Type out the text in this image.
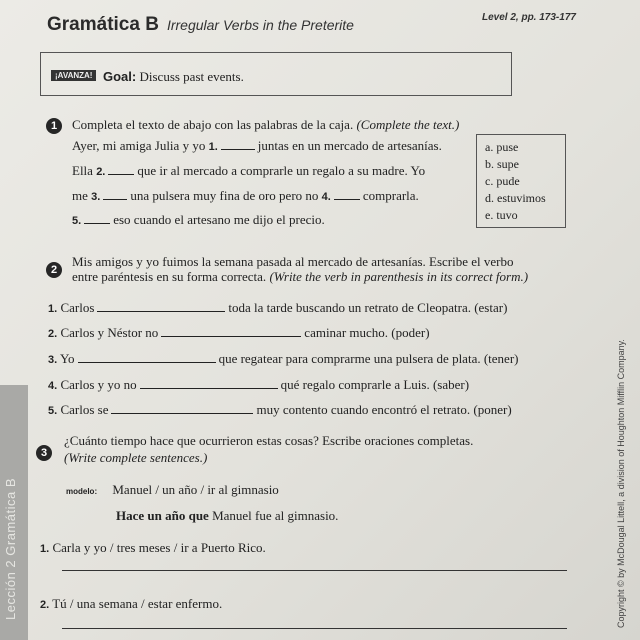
Lección 2 Gramática B	Copyright © by McDougal Littell, a division of Houghton Mifflin Company.
Gramática B Irregular Verbs in the Preterite	Level 2, pp. 173-177
¡AVANZA! Goal: Discuss past events.
1	Completa el texto de abajo con las palabras de la caja. (Complete the text.)
Ayer, mi amiga Julia y yo 1.	juntas en un mercado de artesanías.
Ella 2. que ir al mercado a comprarle un regalo a su madre. Yo
me 3. una pulsera muy fina de oro pero no 4. comprarla.
5. eso cuando el artesano me dijo el precio.
a. puse
b. supe
c. pude
d. estuvimos
e. tuvo
2
Mis amigos y yo fuimos la semana pasada al mercado de artesanías. Escribe el verbo
entre paréntesis en su forma correcta. (Write the verb in parenthesis in its correct form.)
1. Carlos	toda la tarde buscando un retrato de Cleopatra. (estar)
2. Carlos y Néstor no	caminar mucho. (poder)
3. Yo	que regatear para comprarme una pulsera de plata. (tener)
4. Carlos y yo no	qué regalo comprarle a Luis. (saber)
5. Carlos se	muy contento cuando encontró el retrato. (poner)
3
¿Cuánto tiempo hace que ocurrieron estas cosas? Escribe oraciones completas.
(Write complete sentences.)
modelo: Manuel / un año / ir al gimnasio
Hace un año que Manuel fue al gimnasio.
1. Carla y yo / tres meses / ir a Puerto Rico.
2. Tú / una semana / estar enfermo.
